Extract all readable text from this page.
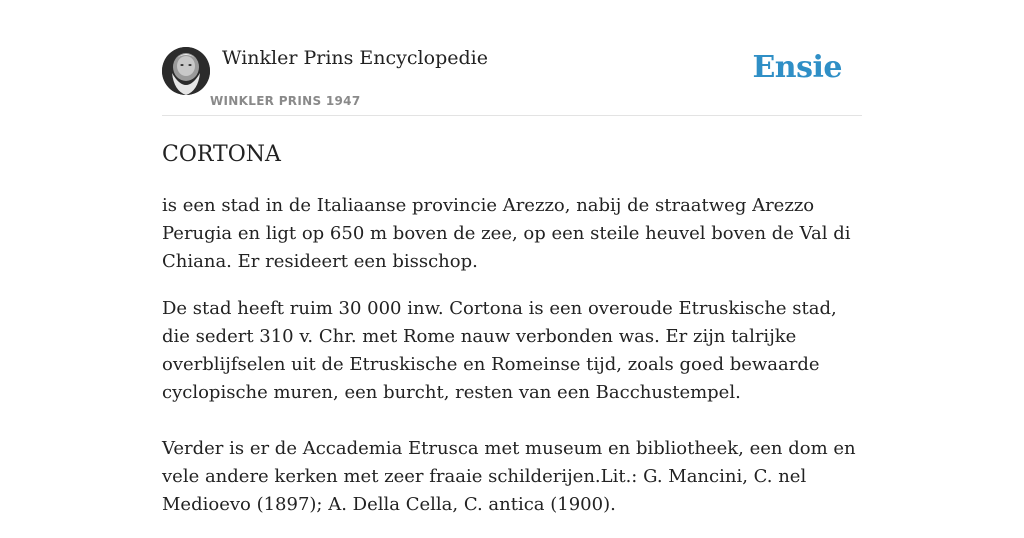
Winkler Prins Encyclopedie
WINKLER PRINS 1947
Ensie
CORTONA

is een stad in de Italiaanse provincie Arezzo, nabij de straatweg Arezzo Perugia en ligt op 650 m boven de zee, op een steile heuvel boven de Val di Chiana. Er resideert een bisschop.

De stad heeft ruim 30 000 inw. Cortona is een overoude Etruskische stad, die sedert 310 v. Chr. met Rome nauw verbonden was. Er zijn talrijke overblijfselen uit de Etruskische en Romeinse tijd, zoals goed bewaarde cyclopische muren, een burcht, resten van een Bacchustempel.

Verder is er de Accademia Etrusca met museum en bibliotheek, een dom en vele andere kerken met zeer fraaie schilderijen.Lit.: G. Mancini, C. nel Medioevo (1897); A. Della Cella, C. antica (1900).
